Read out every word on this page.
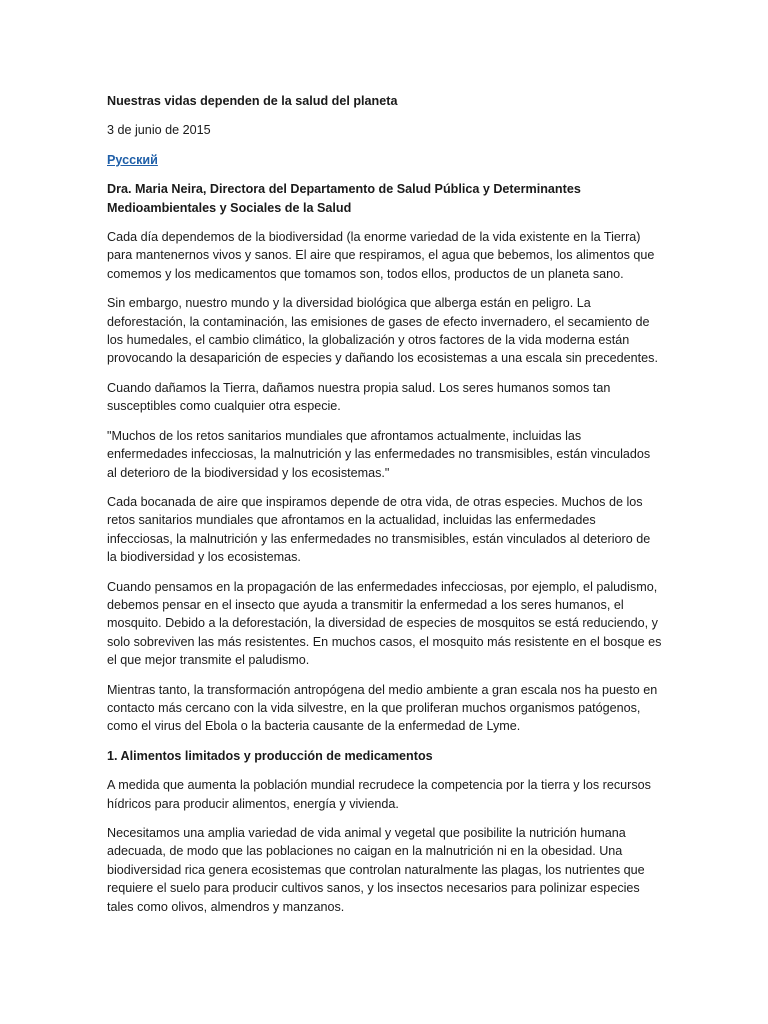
Nuestras vidas dependen de la salud del planeta

3 de junio de 2015

Русский

Dra. Maria Neira, Directora del Departamento de Salud Pública y Determinantes Medioambientales y Sociales de la Salud

Cada día dependemos de la biodiversidad (la enorme variedad de la vida existente en la Tierra) para mantenernos vivos y sanos. El aire que respiramos, el agua que bebemos, los alimentos que comemos y los medicamentos que tomamos son, todos ellos, productos de un planeta sano.

Sin embargo, nuestro mundo y la diversidad biológica que alberga están en peligro. La deforestación, la contaminación, las emisiones de gases de efecto invernadero, el secamiento de los humedales, el cambio climático, la globalización y otros factores de la vida moderna están provocando la desaparición de especies y dañando los ecosistemas a una escala sin precedentes.

Cuando dañamos la Tierra, dañamos nuestra propia salud. Los seres humanos somos tan susceptibles como cualquier otra especie.

"Muchos de los retos sanitarios mundiales que afrontamos actualmente, incluidas las enfermedades infecciosas, la malnutrición y las enfermedades no transmisibles, están vinculados al deterioro de la biodiversidad y los ecosistemas."

Cada bocanada de aire que inspiramos depende de otra vida, de otras especies. Muchos de los retos sanitarios mundiales que afrontamos en la actualidad, incluidas las enfermedades infecciosas, la malnutrición y las enfermedades no transmisibles, están vinculados al deterioro de la biodiversidad y los ecosistemas.

Cuando pensamos en la propagación de las enfermedades infecciosas, por ejemplo, el paludismo, debemos pensar en el insecto que ayuda a transmitir la enfermedad a los seres humanos, el mosquito. Debido a la deforestación, la diversidad de especies de mosquitos se está reduciendo, y solo sobreviven las más resistentes. En muchos casos, el mosquito más resistente en el bosque es el que mejor transmite el paludismo.

Mientras tanto, la transformación antropógena del medio ambiente a gran escala nos ha puesto en contacto más cercano con la vida silvestre, en la que proliferan muchos organismos patógenos, como el virus del Ebola o la bacteria causante de la enfermedad de Lyme.

1. Alimentos limitados y producción de medicamentos

A medida que aumenta la población mundial recrudece la competencia por la tierra y los recursos hídricos para producir alimentos, energía y vivienda.

Necesitamos una amplia variedad de vida animal y vegetal que posibilite la nutrición humana adecuada, de modo que las poblaciones no caigan en la malnutrición ni en la obesidad. Una biodiversidad rica genera ecosistemas que controlan naturalmente las plagas, los nutrientes que requiere el suelo para producir cultivos sanos, y los insectos necesarios para polinizar especies tales como olivos, almendros y manzanos.
